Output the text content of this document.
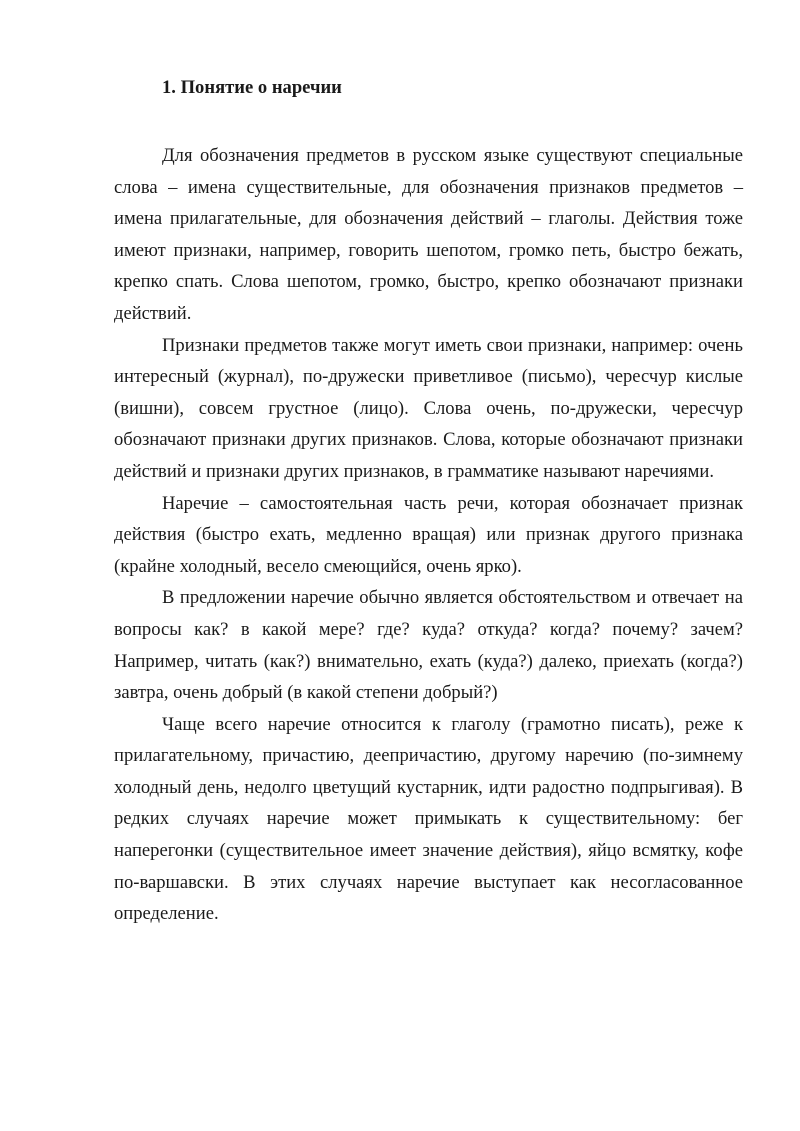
1. Понятие о наречии

Для обозначения предметов в русском языке существуют специальные слова – имена существительные, для обозначения признаков предметов – имена прилагательные, для обозначения действий – глаголы. Действия тоже имеют признаки, например, говорить шепотом, громко петь, быстро бежать, крепко спать. Слова шепотом, громко, быстро, крепко обозначают признаки действий.

Признаки предметов также могут иметь свои признаки, например: очень интересный (журнал), по-дружески приветливое (письмо), чересчур кислые (вишни), совсем грустное (лицо). Слова очень, по-дружески, чересчур обозначают признаки других признаков. Слова, которые обозначают признаки действий и признаки других признаков, в грамматике называют наречиями.

Наречие – самостоятельная часть речи, которая обозначает признак действия (быстро ехать, медленно вращая) или признак другого признака (крайне холодный, весело смеющийся, очень ярко).

В предложении наречие обычно является обстоятельством и отвечает на вопросы как? в какой мере? где? куда? откуда? когда? почему? зачем? Например, читать (как?) внимательно, ехать (куда?) далеко, приехать (когда?) завтра, очень добрый (в какой степени добрый?)

Чаще всего наречие относится к глаголу (грамотно писать), реже к прилагательному, причастию, деепричастию, другому наречию (по-зимнему холодный день, недолго цветущий кустарник, идти радостно подпрыгивая). В редких случаях наречие может примыкать к существительному: бег наперегонки (существительное имеет значение действия), яйцо всмятку, кофе по-варшавски. В этих случаях наречие выступает как несогласованное определение.
